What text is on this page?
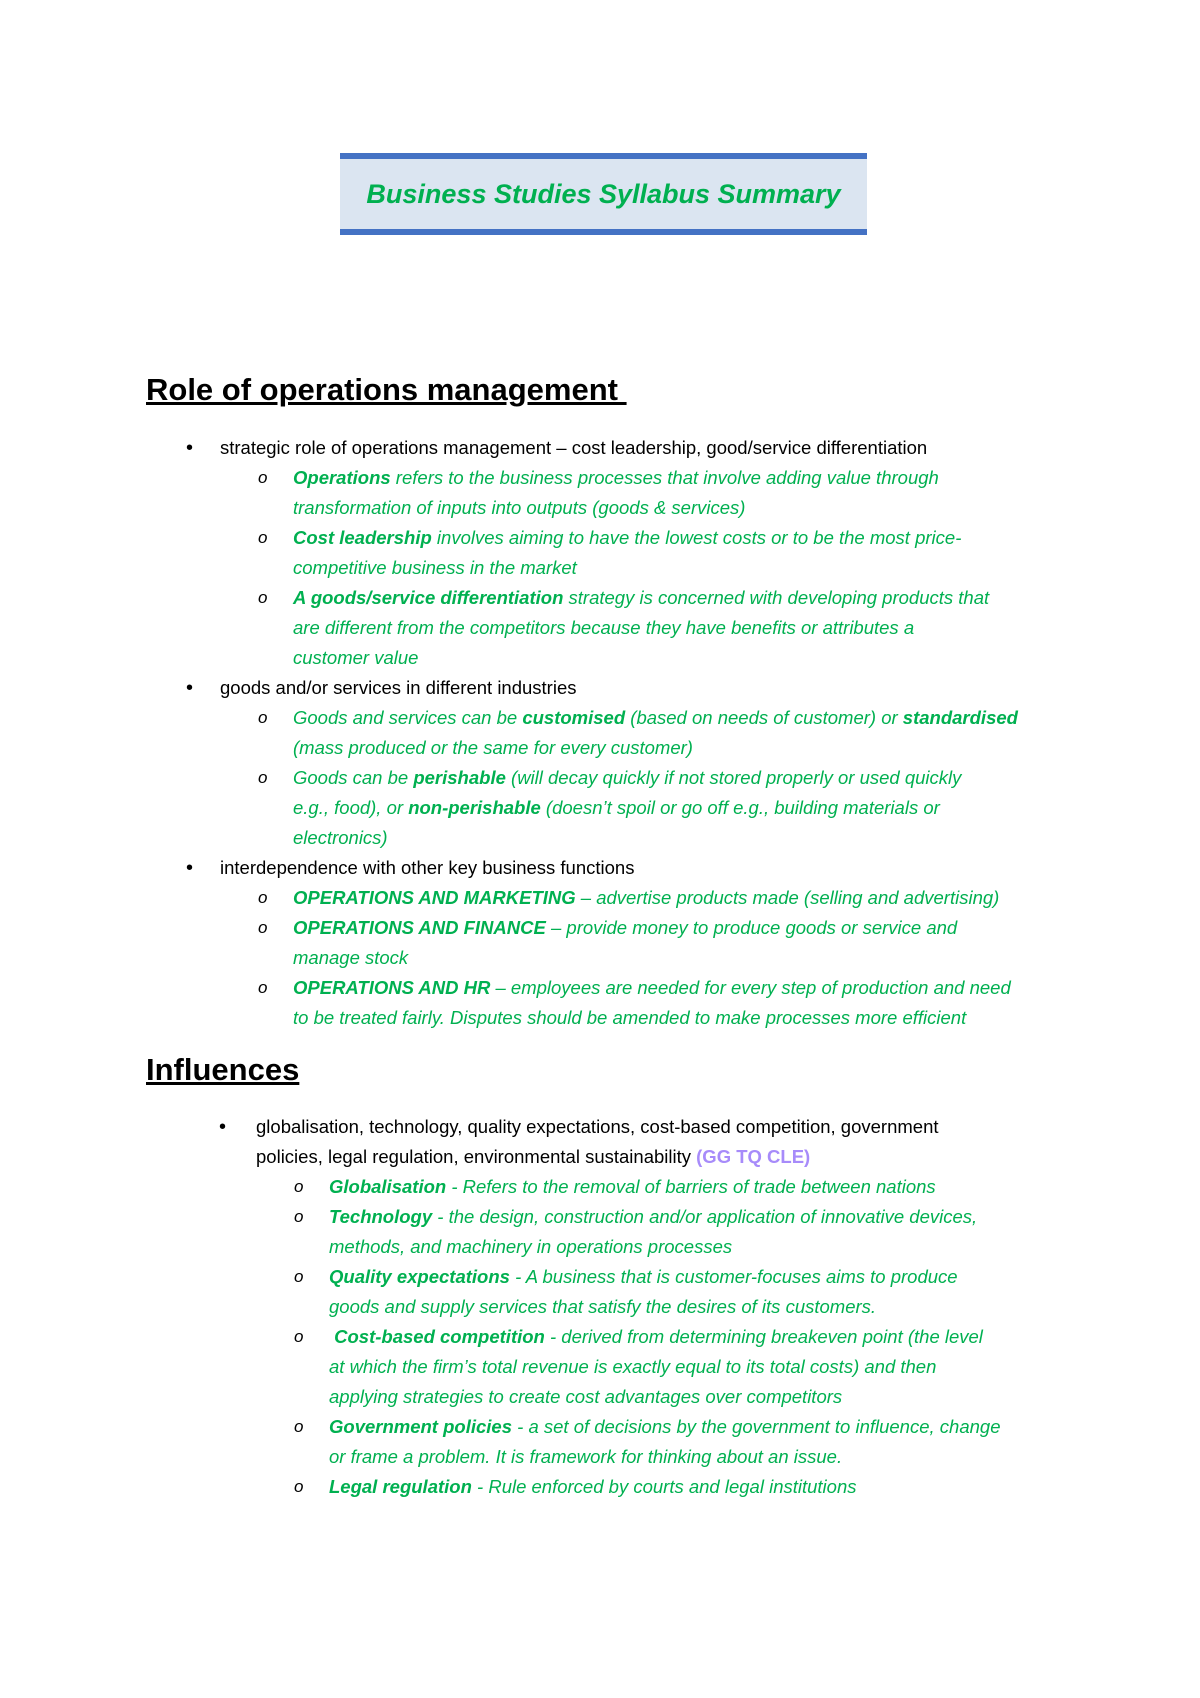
Business Studies Syllabus Summary
• strategic role of operations management – cost leadership, good/service differentiation
o Operations refers to the business processes that involve adding value through
transformation of inputs into outputs (goods & services)
o Cost leadership involves aiming to have the lowest costs or to be the most price-
competitive business in the market
o A goods/service differentiation strategy is concerned with developing products that
are different from the competitors because they have benefits or attributes a
customer value
• goods and/or services in different industries
o Goods and services can be customised (based on needs of customer) or standardised
(mass produced or the same for every customer)
o Goods can be perishable (will decay quickly if not stored properly or used quickly
e.g., food), or non-perishable (doesn’t spoil or go off e.g., building materials or
electronics)
• interdependence with other key business functions
o OPERATIONS AND MARKETING – advertise products made (selling and advertising)
o OPERATIONS AND FINANCE – provide money to produce goods or service and
manage stock
o OPERATIONS AND HR – employees are needed for every step of production and need
to be treated fairly. Disputes should be amended to make processes more efficient
• globalisation, technology, quality expectations, cost-based competition, government
policies, legal regulation, environmental sustainability (GG TQ CLE)
o Globalisation - Refers to the removal of barriers of trade between nations
o Technology - the design, construction and/or application of innovative devices,
methods, and machinery in operations processes
o Quality expectations - A business that is customer-focuses aims to produce
goods and supply services that satisfy the desires of its customers.
o Cost-based competition - derived from determining breakeven point (the level
at which the firm’s total revenue is exactly equal to its total costs) and then
applying strategies to create cost advantages over competitors
o Government policies - a set of decisions by the government to influence, change
or frame a problem. It is framework for thinking about an issue.
o Legal regulation - Rule enforced by courts and legal institutions
Role of operations management
Influences
